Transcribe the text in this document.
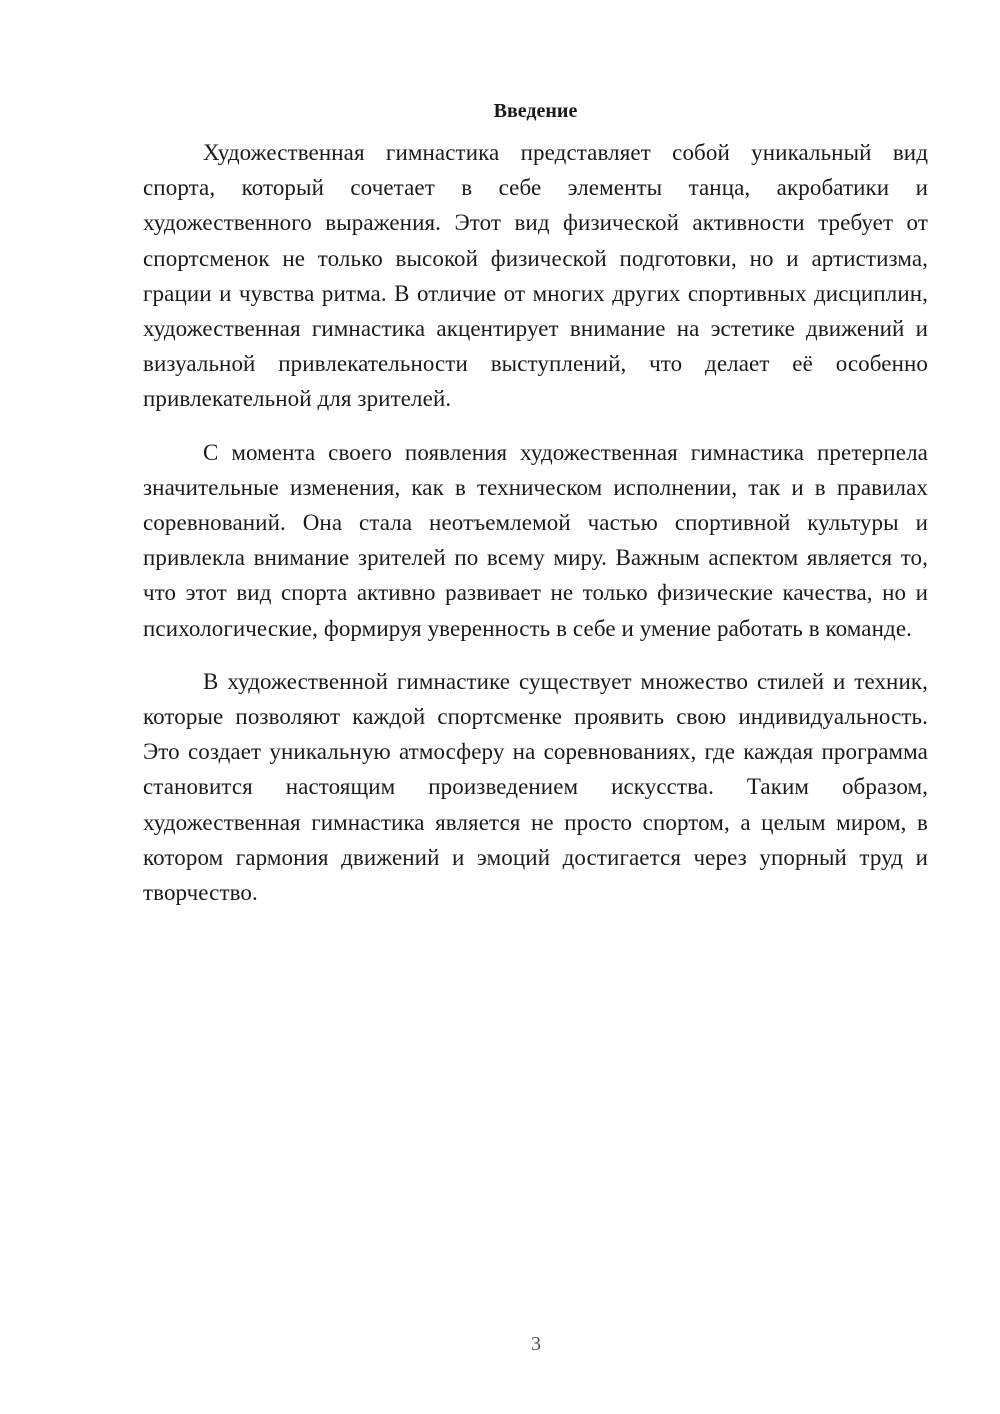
Введение

Художественная гимнастика представляет собой уникальный вид спорта, который сочетает в себе элементы танца, акробатики и художественного выражения. Этот вид физической активности требует от спортсменок не только высокой физической подготовки, но и артистизма, грации и чувства ритма. В отличие от многих других спортивных дисциплин, художественная гимнастика акцентирует внимание на эстетике движений и визуальной привлекательности выступлений, что делает её особенно привлекательной для зрителей.

С момента своего появления художественная гимнастика претерпела значительные изменения, как в техническом исполнении, так и в правилах соревнований. Она стала неотъемлемой частью спортивной культуры и привлекла внимание зрителей по всему миру. Важным аспектом является то, что этот вид спорта активно развивает не только физические качества, но и психологические, формируя уверенность в себе и умение работать в команде.

В художественной гимнастике существует множество стилей и техник, которые позволяют каждой спортсменке проявить свою индивидуальность. Это создает уникальную атмосферу на соревнованиях, где каждая программа становится настоящим произведением искусства. Таким образом, художественная гимнастика является не просто спортом, а целым миром, в котором гармония движений и эмоций достигается через упорный труд и творчество.

3
